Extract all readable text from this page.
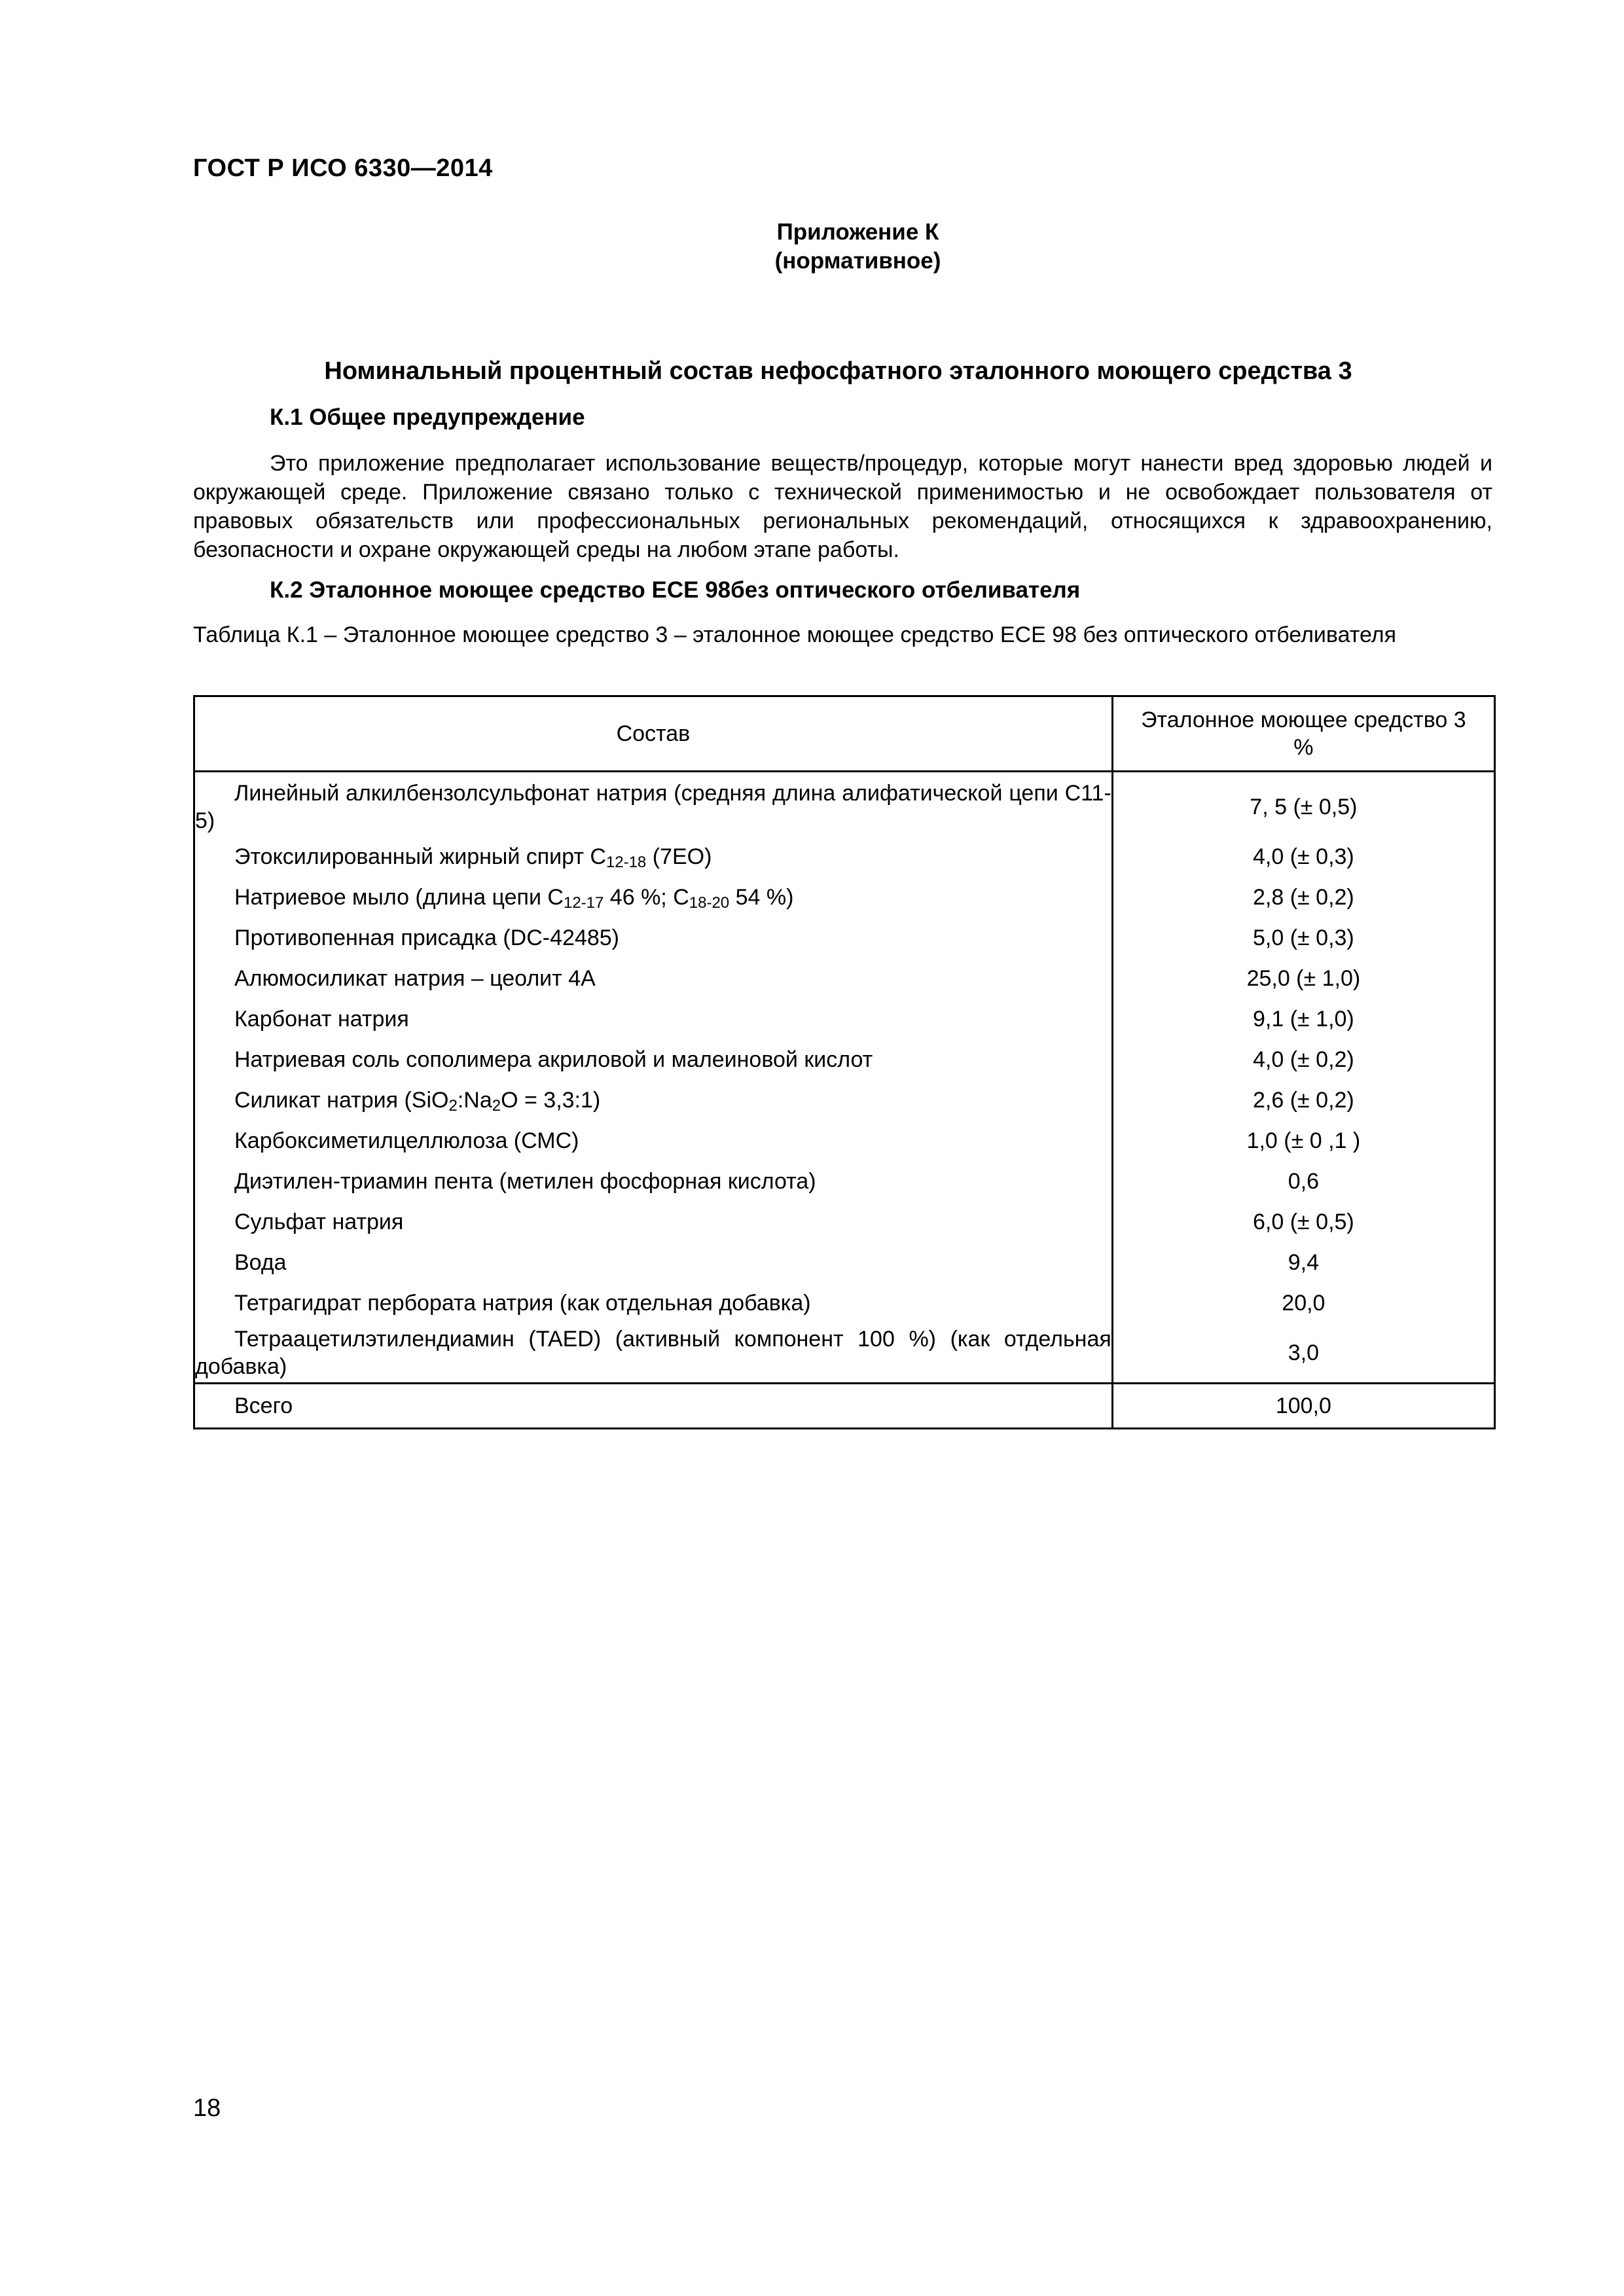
ГОСТ Р ИСО 6330—2014
Приложение К
(нормативное)
Номинальный процентный состав нефосфатного эталонного моющего средства 3
К.1 Общее предупреждение
Это приложение предполагает использование веществ/процедур, которые могут нанести вред здоровью людей и окружающей среде. Приложение связано только с технической применимостью и не освобождает пользователя от правовых обязательств или профессиональных региональных рекомендаций, относящихся к здравоохранению, безопасности и охране окружающей среды на любом этапе работы.
К.2 Эталонное моющее средство ЕСЕ 98без оптического отбеливателя
Таблица К.1 – Эталонное моющее средство 3 – эталонное моющее средство ЕСЕ 98 без оптического отбеливателя
Состав	Эталонное моющее средство 3
%

Линейный алкилбензолсульфонат натрия (средняя длина алифатической цепи С11-5)	7, 5 (± 0,5)
Этоксилированный жирный спирт $С_{12-18}$ (7ЕО)	4,0 (± 0,3)
Натриевое мыло (длина цепи $С_{12-17}$ 46 %; $С_{18-20}$ 54 %)	2,8 (± 0,2)
Противопенная присадка (DC-42485)	5,0 (± 0,3)
Алюмосиликат натрия – цеолит 4А	25,0 (± 1,0)
Карбонат натрия	9,1 (± 1,0)
Натриевая соль сополимера акриловой и малеиновой кислот	4,0 (± 0,2)
Силикат натрия ($SiO_2:Na_2O$ = 3,3:1)	2,6 (± 0,2)
Карбоксиметилцеллюлоза (СМС)	1,0 (± 0 ,1 )
Диэтилен-триамин пента (метилен фосфорная кислота)	0,6
Сульфат натрия	6,0 (± 0,5)
Вода	9,4
Тетрагидрат пербората натрия (как отдельная добавка)	20,0
Тетраацетилэтилендиамин (TAED) (активный компонент 100 %) (как отдельная добавка)	3,0
Всего	100,0
18
